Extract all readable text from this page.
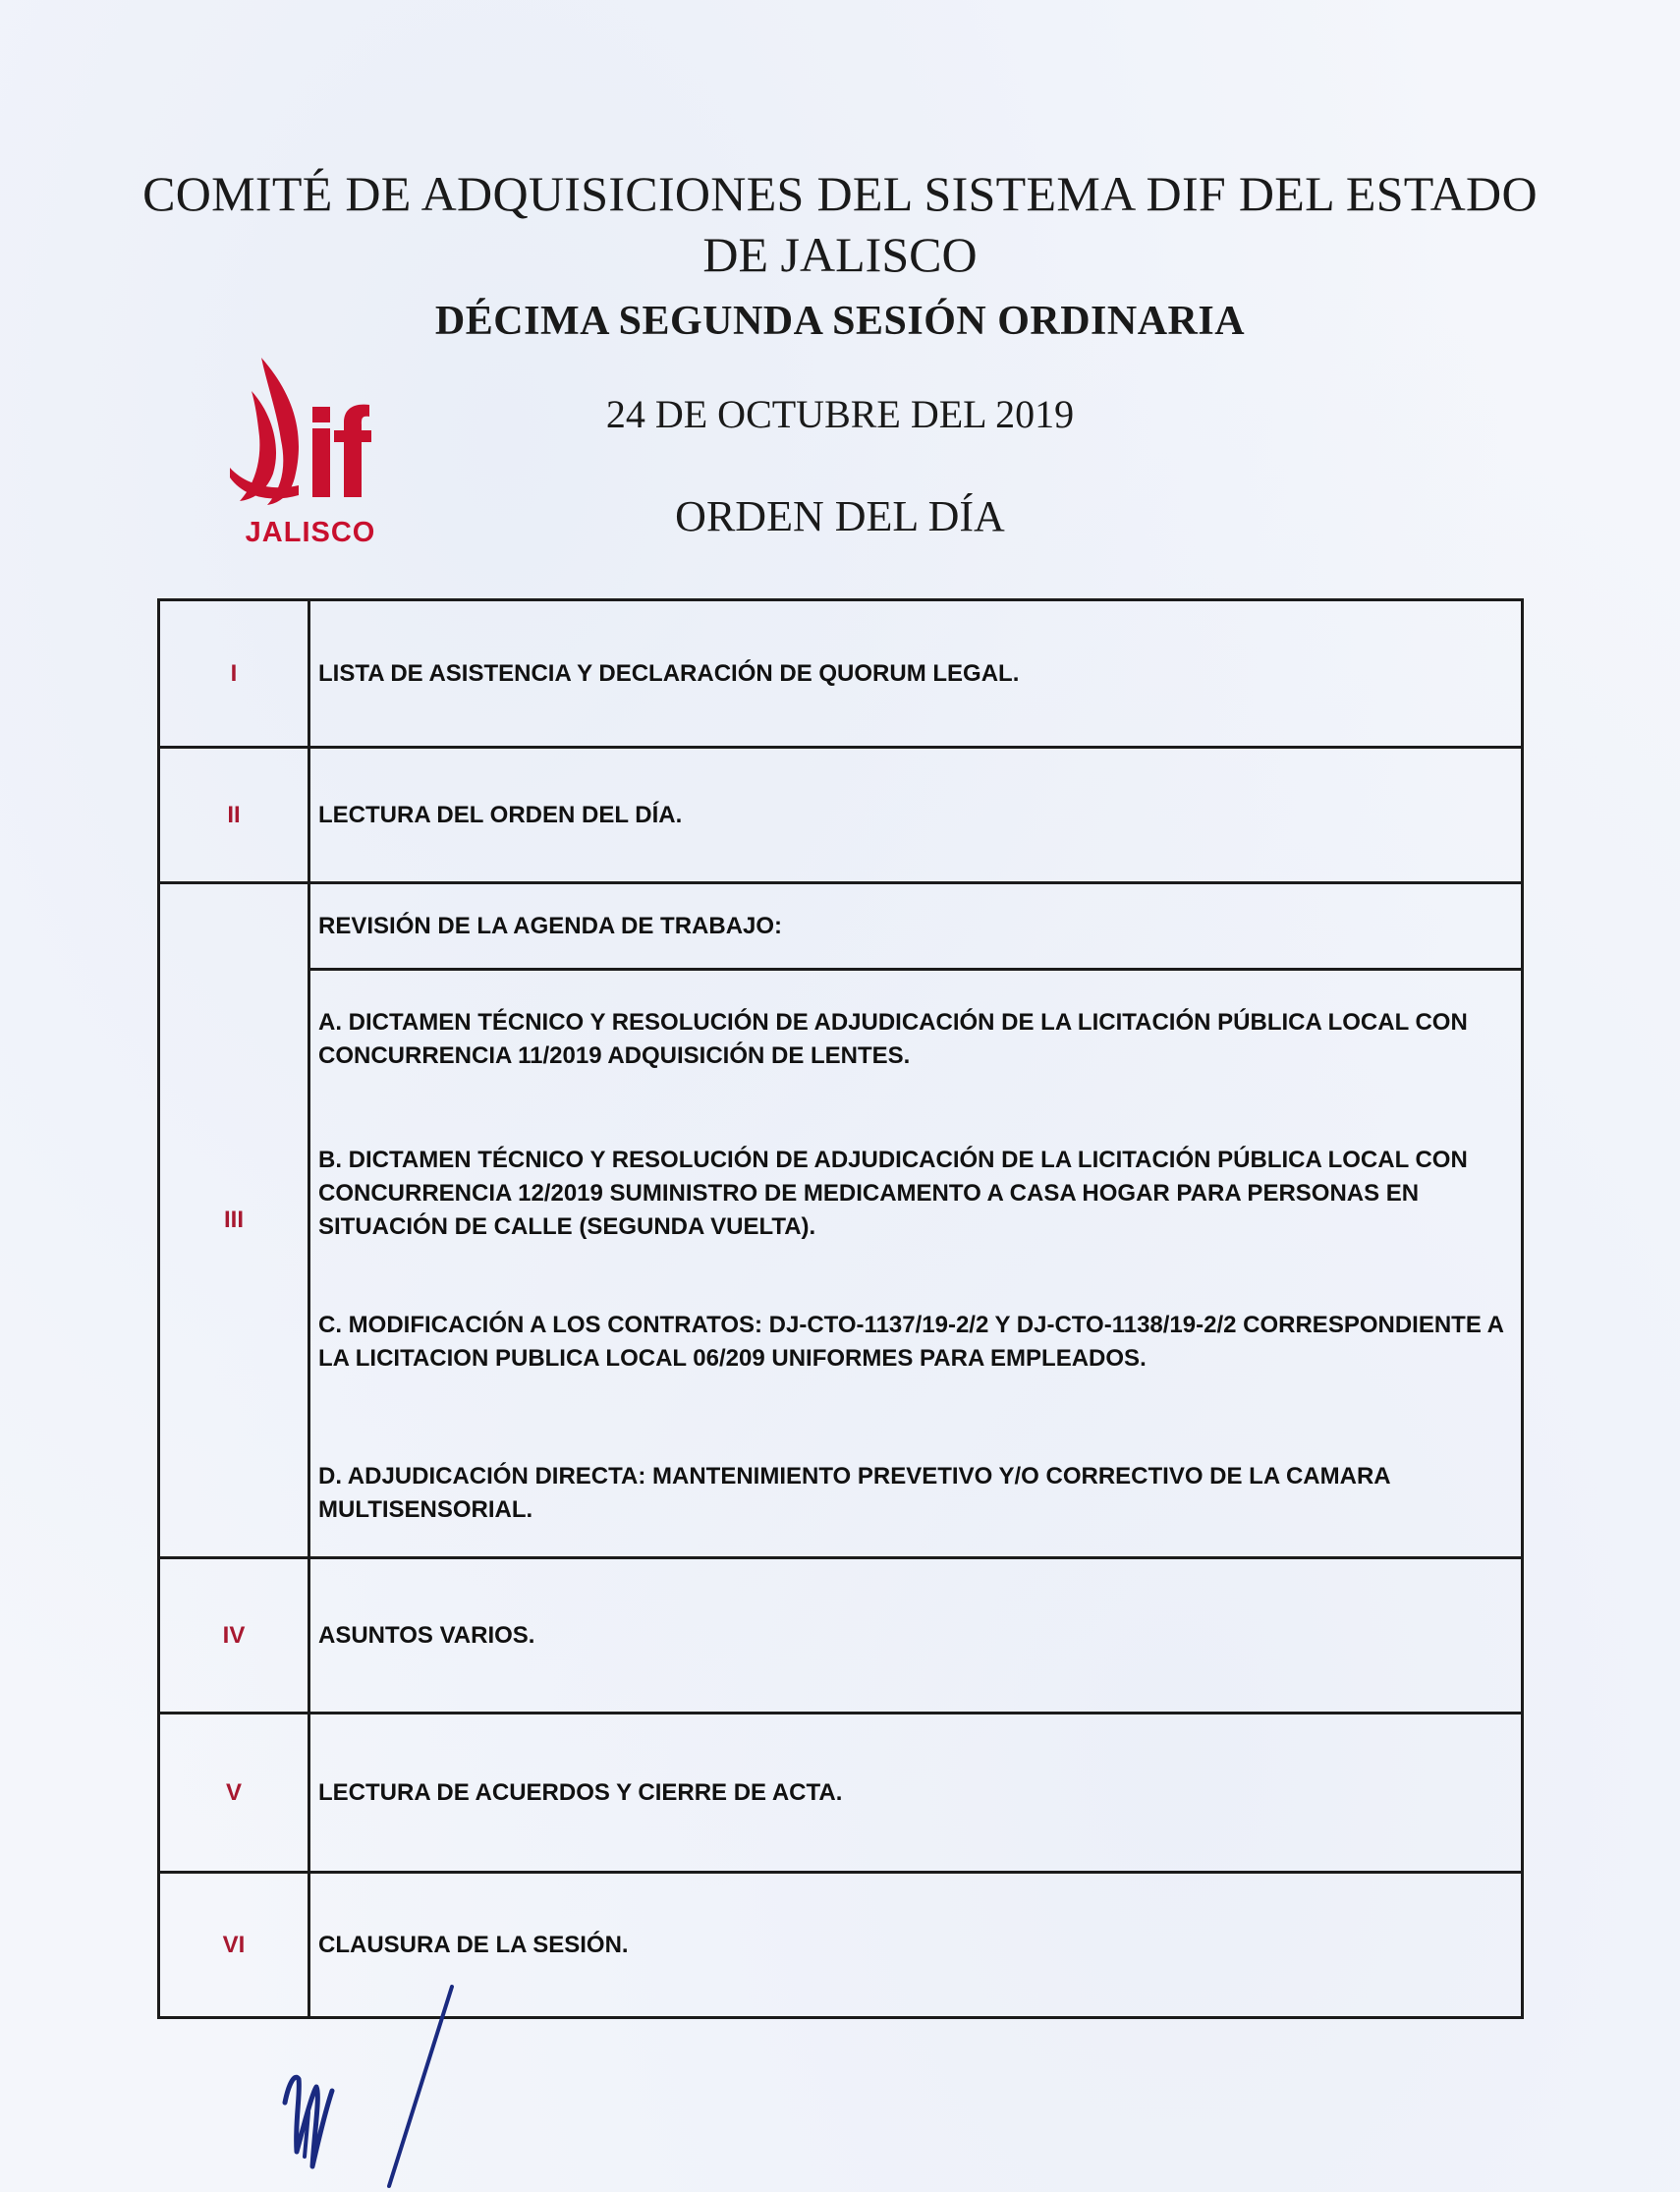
COMITÉ DE ADQUISICIONES DEL SISTEMA DIF DEL ESTADO
DE JALISCO
DÉCIMA SEGUNDA SESIÓN ORDINARIA
24 DE OCTUBRE DEL 2019
ORDEN DEL DÍA
JALISCO
I	LISTA DE ASISTENCIA Y DECLARACIÓN DE QUORUM LEGAL.
II	LECTURA DEL ORDEN DEL DÍA.
III	REVISIÓN DE LA AGENDA DE TRABAJO:

	A. DICTAMEN TÉCNICO Y RESOLUCIÓN DE ADJUDICACIÓN DE LA LICITACIÓN PÚBLICA LOCAL CON CONCURRENCIA 11/2019 ADQUISICIÓN DE LENTES.
B. DICTAMEN TÉCNICO Y RESOLUCIÓN DE ADJUDICACIÓN DE LA LICITACIÓN PÚBLICA LOCAL CON CONCURRENCIA 12/2019 SUMINISTRO DE MEDICAMENTO A CASA HOGAR PARA PERSONAS EN SITUACIÓN DE CALLE (SEGUNDA VUELTA).
C. MODIFICACIÓN A LOS CONTRATOS: DJ-CTO-1137/19-2/2 Y DJ-CTO-1138/19-2/2 CORRESPONDIENTE A LA LICITACION PUBLICA LOCAL 06/209 UNIFORMES PARA EMPLEADOS.
D. ADJUDICACIÓN DIRECTA: MANTENIMIENTO PREVETIVO Y/O CORRECTIVO DE LA CAMARA MULTISENSORIAL.

IV	ASUNTOS VARIOS.
V	LECTURA DE ACUERDOS Y CIERRE DE ACTA.
VI	CLAUSURA DE LA SESIÓN.
